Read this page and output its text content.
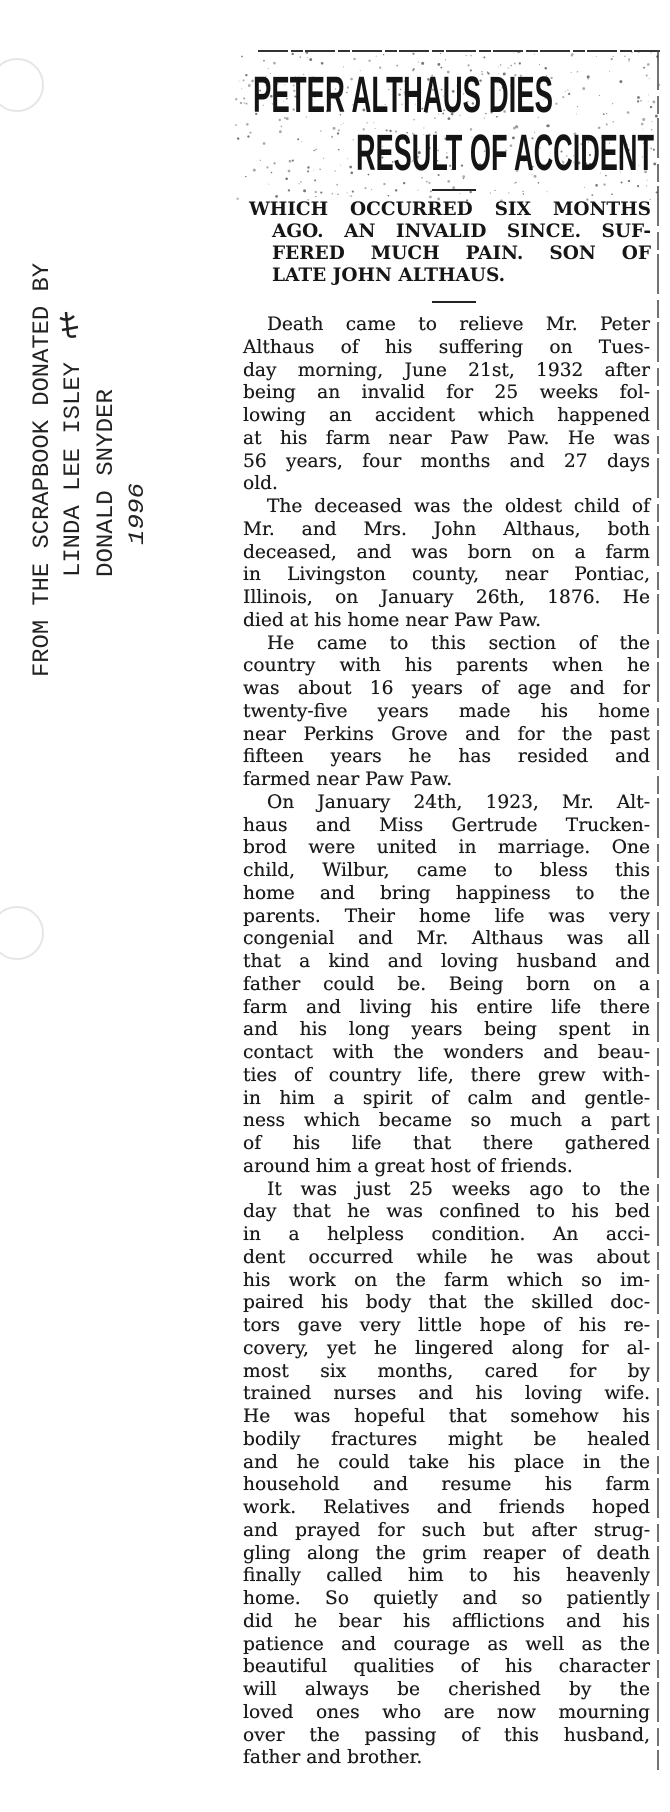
FROM THE SCRAPBOOK DONATED BY LINDA LEE ISLEY DONALD SNYDER 1996
PETER ALTHAUS DIES
RESULT OF ACCIDENT
WHICH OCCURRED SIX MONTHS
AGO. AN INVALID SINCE. SUF-
FERED MUCH PAIN. SON OF
LATE JOHN ALTHAUS.
Death came to relieve Mr. Peter
Althaus of his suffering on Tues-
day morning, June 21st, 1932 after
being an invalid for 25 weeks fol-
lowing an accident which happened
at his farm near Paw Paw. He was
56 years, four months and 27 days
old.
The deceased was the oldest child of
Mr. and Mrs. John Althaus, both
deceased, and was born on a farm
in Livingston county, near Pontiac,
Illinois, on January 26th, 1876. He
died at his home near Paw Paw.
He came to this section of the
country with his parents when he
was about 16 years of age and for
twenty-five years made his home
near Perkins Grove and for the past
fifteen years he has resided and
farmed near Paw Paw.
On January 24th, 1923, Mr. Alt-
haus and Miss Gertrude Trucken-
brod were united in marriage. One
child, Wilbur, came to bless this
home and bring happiness to the
parents. Their home life was very
congenial and Mr. Althaus was all
that a kind and loving husband and
father could be. Being born on a
farm and living his entire life there
and his long years being spent in
contact with the wonders and beau-
ties of country life, there grew with-
in him a spirit of calm and gentle-
ness which became so much a part
of his life that there gathered
around him a great host of friends.
It was just 25 weeks ago to the
day that he was confined to his bed
in a helpless condition. An acci-
dent occurred while he was about
his work on the farm which so im-
paired his body that the skilled doc-
tors gave very little hope of his re-
covery, yet he lingered along for al-
most six months, cared for by
trained nurses and his loving wife.
He was hopeful that somehow his
bodily fractures might be healed
and he could take his place in the
household and resume his farm
work. Relatives and friends hoped
and prayed for such but after strug-
gling along the grim reaper of death
finally called him to his heavenly
home. So quietly and so patiently
did he bear his afflictions and his
patience and courage as well as the
beautiful qualities of his character
will always be cherished by the
loved ones who are now mourning
over the passing of this husband,
father and brother.
